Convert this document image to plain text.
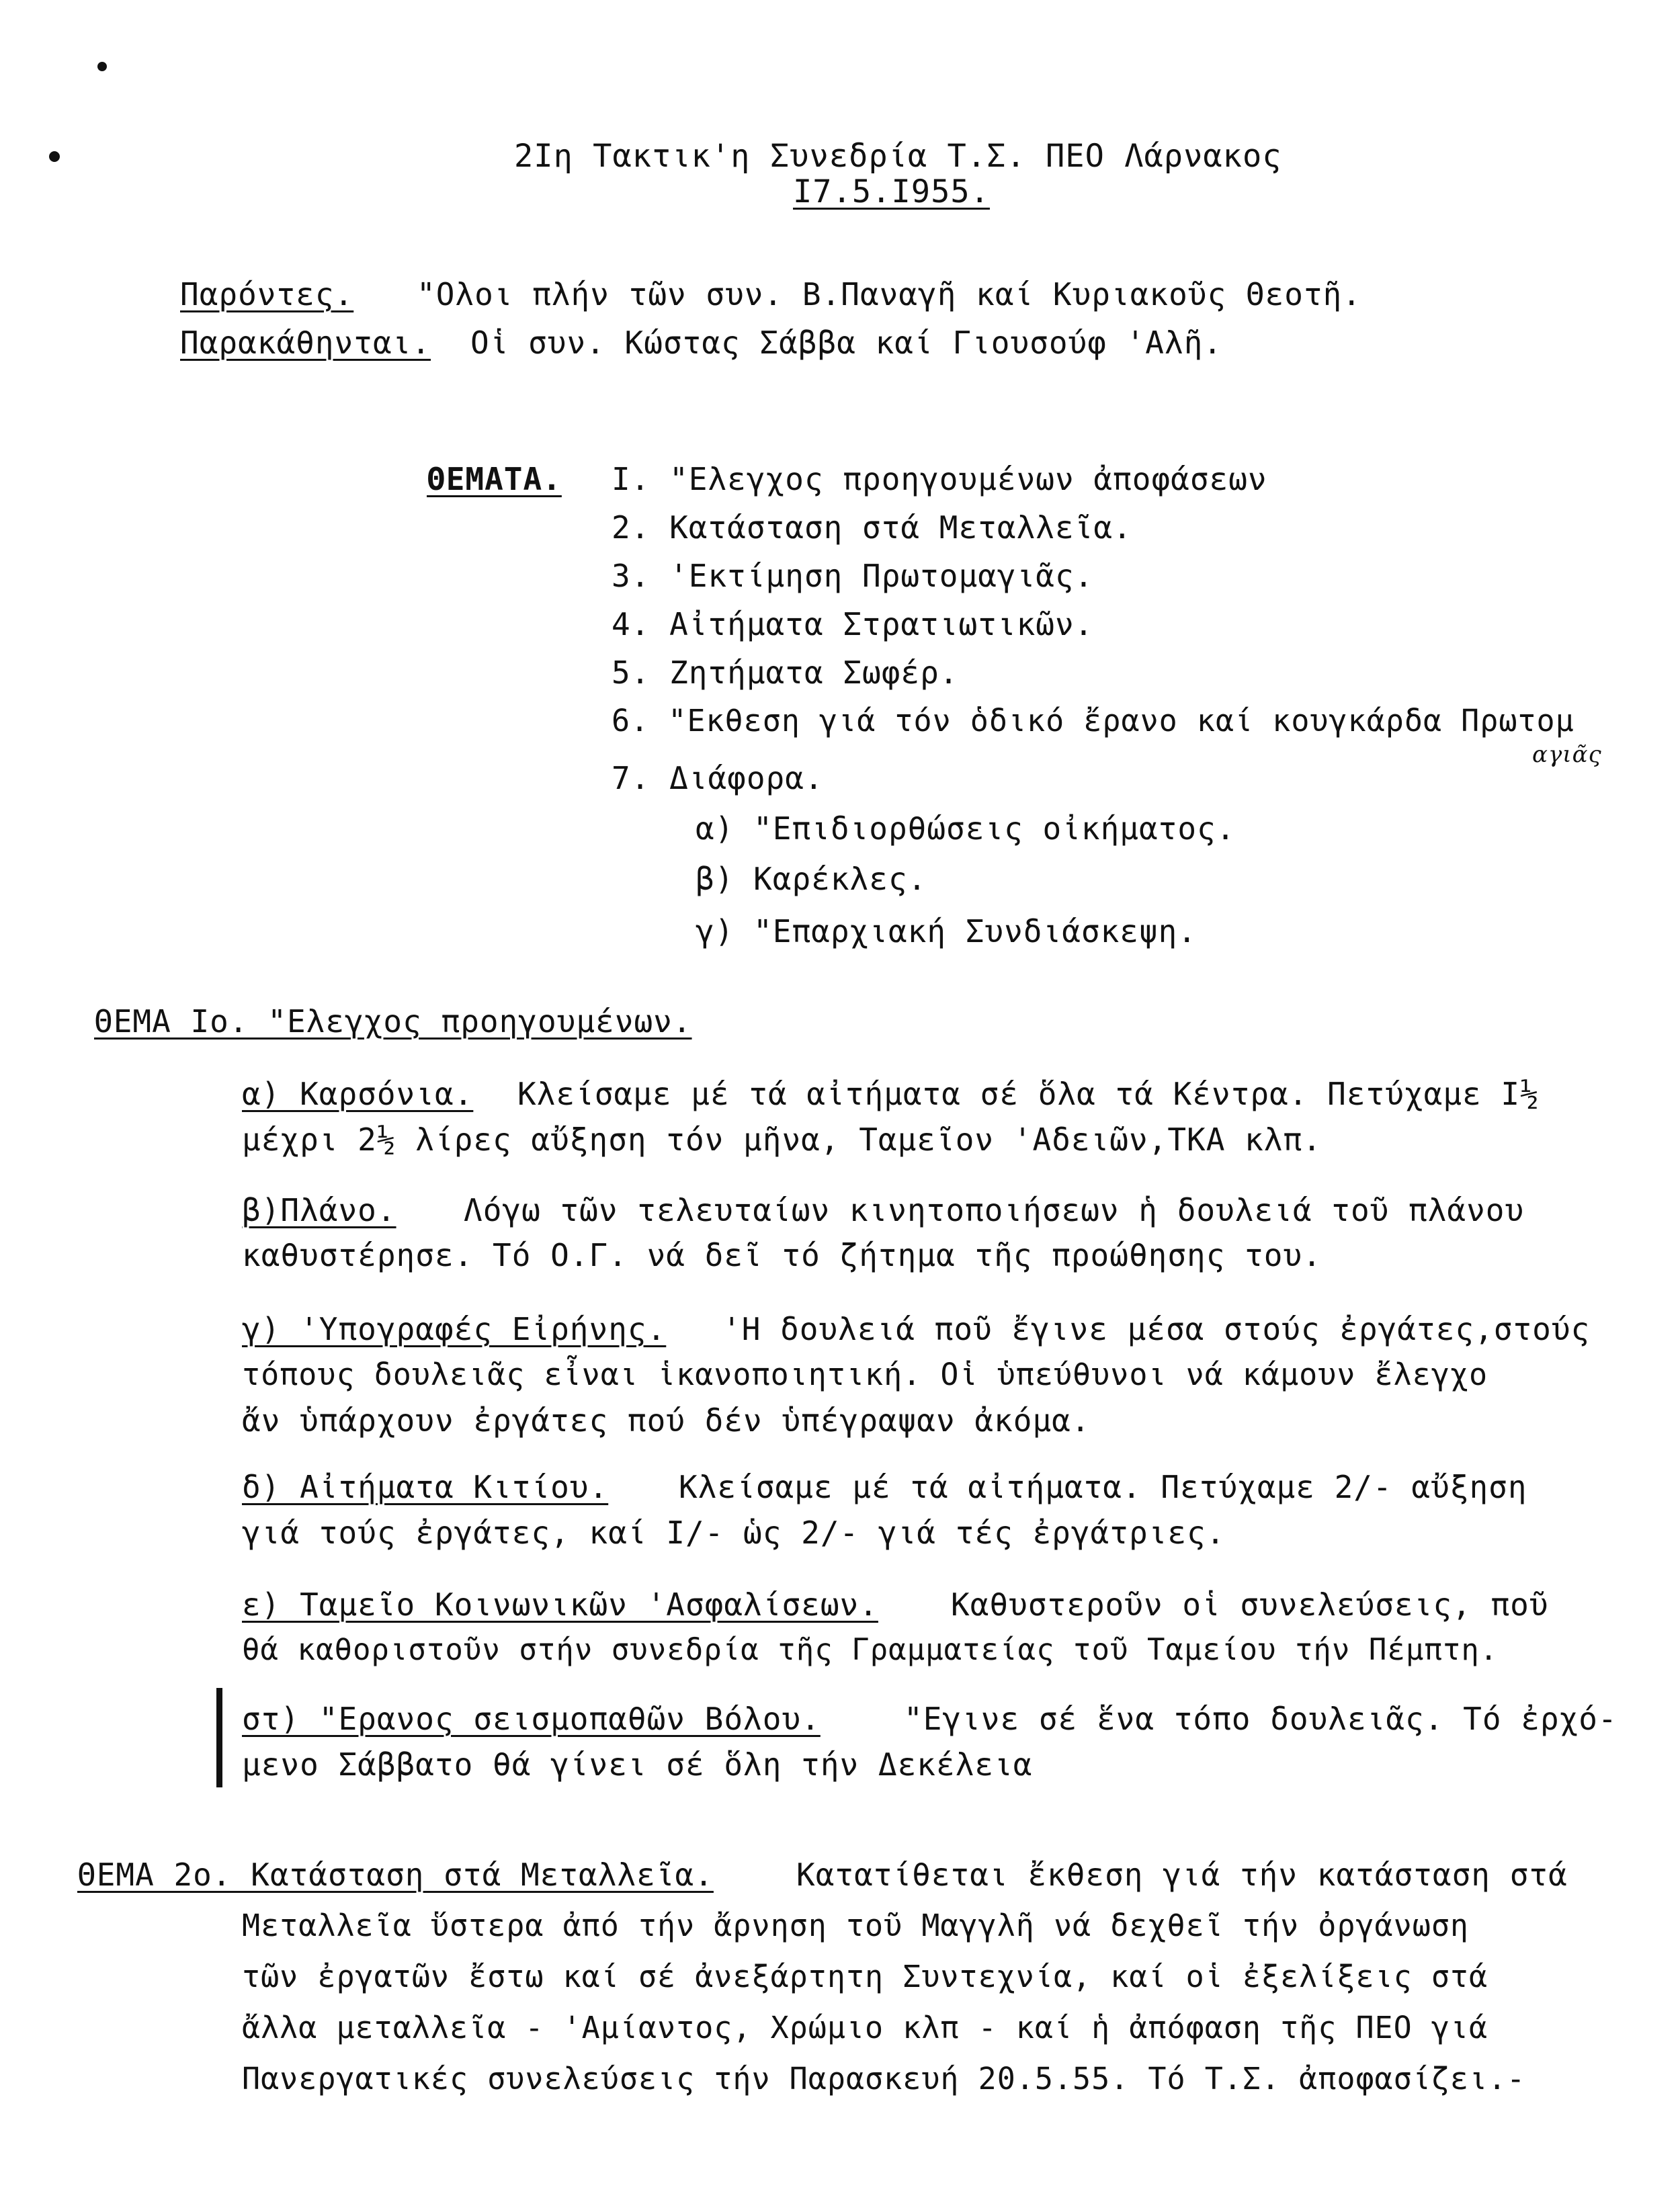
2Iη Τακτικ'η Συνεδρία Τ.Σ. ΠΕΟ Λάρνακος
I7.5.I955.
Παρόντες. "Ολοι πλήν τῶν συν. Β.Παναγῆ καί Κυριακοῦς Θεοτῆ.
Παρακάθηνται. Οἱ συν. Κώστας Σάββα καί Γιουσούφ 'Αλῆ.
ΘΕΜΑΤΑ. I. "Ελεγχος προηγουμένων ἀποφάσεων
2. Κατάσταση στά Μεταλλεῖα.
3. 'Εκτίμηση Πρωτομαγιᾶς.
4. Αἰτήματα Στρατιωτικῶν.
5. Ζητήματα Σωφέρ.
6. "Εκθεση γιά τόν ὁδικό ἔρανο καί κουγκάρδα Πρωτομ
αγιᾶς
7. Διάφορα.
α) "Επιδιορθώσεις οἰκήματος.
β) Καρέκλες.
γ) "Επαρχιακή Συνδιάσκεψη.
ΘΕΜΑ Ιο. "Ελεγχος προηγουμένων.
α) Καρσόνια. Κλείσαμε μέ τά αἰτήματα σέ ὅλα τά Κέντρα. Πετύχαμε Ι½
μέχρι 2½ λίρες αὔξηση τόν μῆνα, Ταμεῖον 'Αδειῶν,ΤΚΑ κλπ.
β)Πλάνο. Λόγω τῶν τελευταίων κινητοποιήσεων ἡ δουλειά τοῦ πλάνου
καθυστέρησε. Τό Ο.Γ. νά δεῖ τό ζήτημα τῆς προώθησης του.
γ) 'Υπογραφές Εἰρήνης. 'Η δουλειά ποῦ ἔγινε μέσα στούς ἐργάτες,στούς
τόπους δουλειᾶς εἶναι ἱκανοποιητική. Οἱ ὑπεύθυνοι νά κάμουν ἔλεγχο
ἄν ὑπάρχουν ἐργάτες πού δέν ὑπέγραψαν ἀκόμα.
δ) Αἰτήματα Κιτίου. Κλείσαμε μέ τά αἰτήματα. Πετύχαμε 2/- αὔξηση
γιά τούς ἐργάτες, καί Ι/- ὡς 2/- γιά τές ἐργάτριες.
ε) Ταμεῖο Κοινωνικῶν 'Ασφαλίσεων. Καθυστεροῦν οἱ συνελεύσεις, ποῦ
θά καθοριστοῦν στήν συνεδρία τῆς Γραμματείας τοῦ Ταμείου τήν Πέμπτη.
στ) "Ερανος σεισμοπαθῶν Βόλου.	"Εγινε σέ ἕνα τόπο δουλειᾶς. Τό ἐρχό-
μενο Σάββατο θά γίνει σέ ὅλη τήν Δεκέλεια
ΘΕΜΑ 2ο. Κατάσταση στά Μεταλλεῖα.	Κατατίθεται ἔκθεση γιά τήν κατάσταση στά
Μεταλλεῖα ὕστερα ἀπό τήν ἄρνηση τοῦ Μαγγλῆ νά δεχθεῖ τήν ὀργάνωση
τῶν ἐργατῶν ἔστω καί σέ ἀνεξάρτητη Συντεχνία, καί οἱ ἐξελίξεις στά
ἄλλα μεταλλεῖα - 'Αμίαντος, Χρώμιο κλπ - καί ἡ ἀπόφαση τῆς ΠΕΟ γιά
Πανεργατικές συνελεύσεις τήν Παρασκευή 20.5.55. Τό Τ.Σ. ἀποφασίζει.-
